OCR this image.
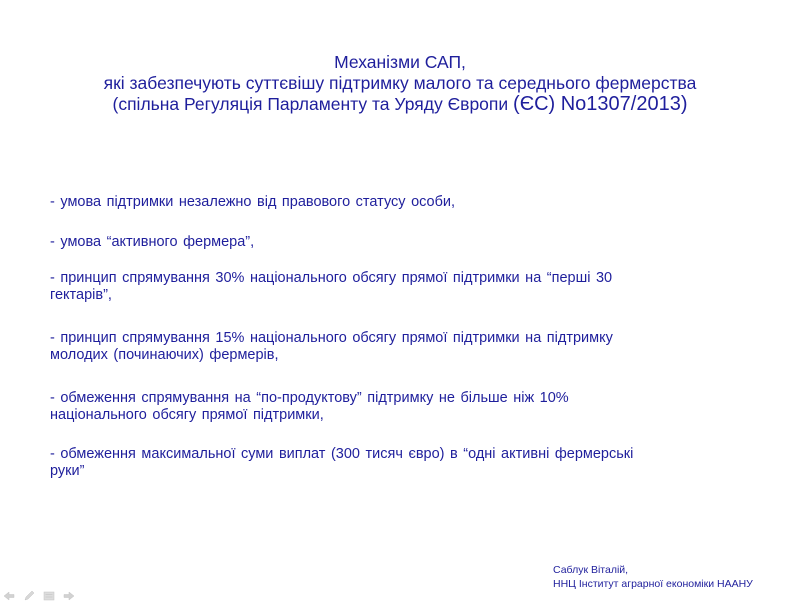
Механізми САП,
які забезпечують суттєвішу підтримку малого та середнього фермерства
(спільна Регуляція Парламенту та Уряду Європи (ЄС) No1307/2013)
- умова підтримки незалежно від правового статусу особи,
- умова “активного фермера”,
- принцип спрямування 30% національного обсягу прямої підтримки на “перші 30
гектарів”,
- принцип спрямування 15% національного обсягу прямої підтримки на підтримку
молодих (починаючих) фермерів,
- обмеження спрямування на “по-продуктову” підтримку не більше ніж 10%
національного обсягу прямої підтримки,
- обмеження максимальної суми виплат (300 тисяч євро) в “одні активні фермерські
руки”
Саблук Віталій,
ННЦ Інститут аграрної економіки НААНУ
